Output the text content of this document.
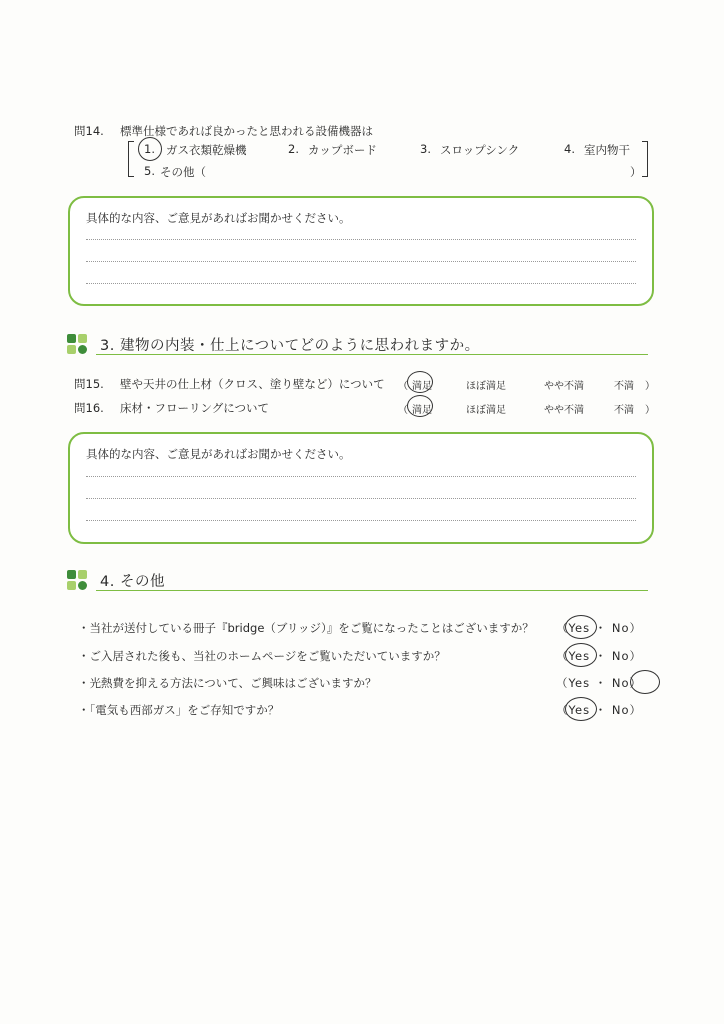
問14. 標準仕様であれば良かったと思われる設備機器は
1. ガス衣類乾燥機	2. カップボード	3. スロップシンク	4. 室内物干
5. その他（	）
具体的な内容、ご意見があればお聞かせください。
3. 建物の内装・仕上についてどのように思われますか。
問15. 壁や天井の仕上材（クロス、塗り壁など）について （ 満足	ほぼ満足	やや不満	不満 ）
問16. 床材・フローリングについて	（ 満足	ほぼ満足	やや不満	不満 ）
具体的な内容、ご意見があればお聞かせください。
4. その他
・当社が送付している冊子『bridge（ブリッジ）』をご覧になったことはございますか？ （Yes ・ No）
・ご入居された後も、当社のホームページをご覧いただいていますか？	（Yes ・ No）
・光熱費を抑える方法について、ご興味はございますか？	（Yes ・ No）
・「電気も西部ガス」をご存知ですか？	（Yes ・ No）
